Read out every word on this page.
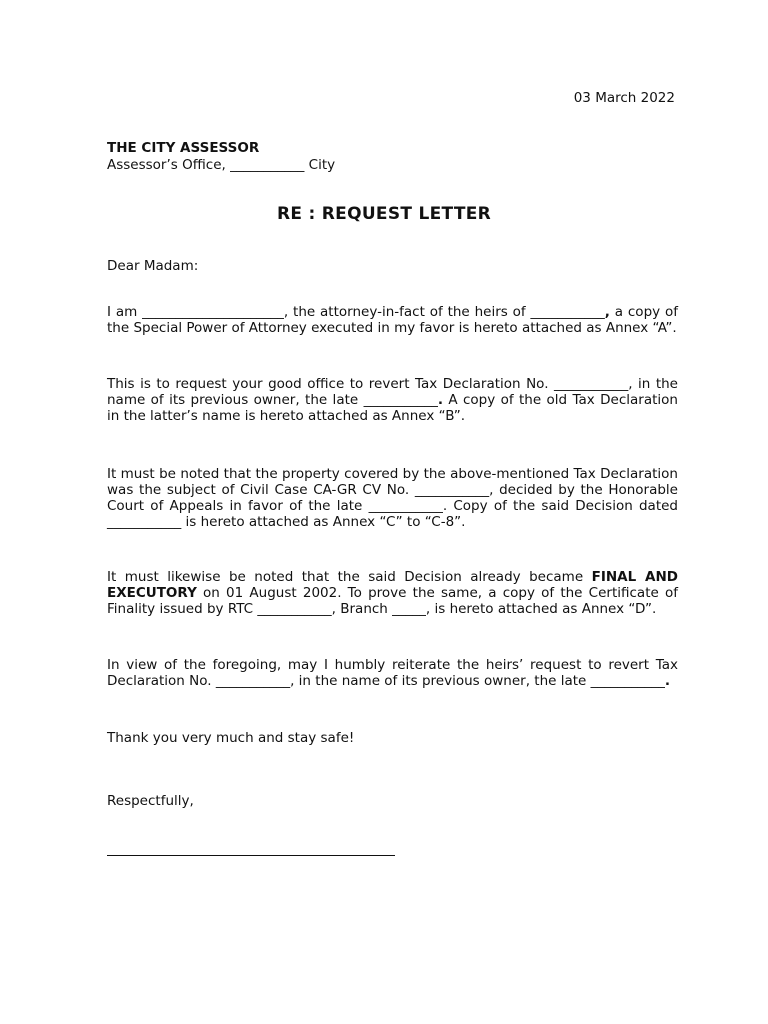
03 March 2022
THE CITY ASSESSOR
Assessor’s Office, ___________ City
RE : REQUEST LETTER
Dear Madam:

I am _____________________, the attorney-in-fact of the heirs of ___________, a copy of the Special Power of Attorney executed in my favor is hereto attached as Annex “A”.

This is to request your good office to revert Tax Declaration No. ___________, in the name of its previous owner, the late ___________. A copy of the old Tax Declaration in the latter’s name is hereto attached as Annex “B”.

It must be noted that the property covered by the above-mentioned Tax Declaration was the subject of Civil Case CA-GR CV No. ___________, decided by the Honorable Court of Appeals in favor of the late ___________. Copy of the said Decision dated ___________ is hereto attached as Annex “C” to “C-8”.

It must likewise be noted that the said Decision already became FINAL AND EXECUTORY on 01 August 2002. To prove the same, a copy of the Certificate of Finality issued by RTC ___________, Branch _____, is hereto attached as Annex “D”.

In view of the foregoing, may I humbly reiterate the heirs’ request to revert Tax Declaration No. ___________, in the name of its previous owner, the late ___________.

Thank you very much and stay safe!
Respectfully,
